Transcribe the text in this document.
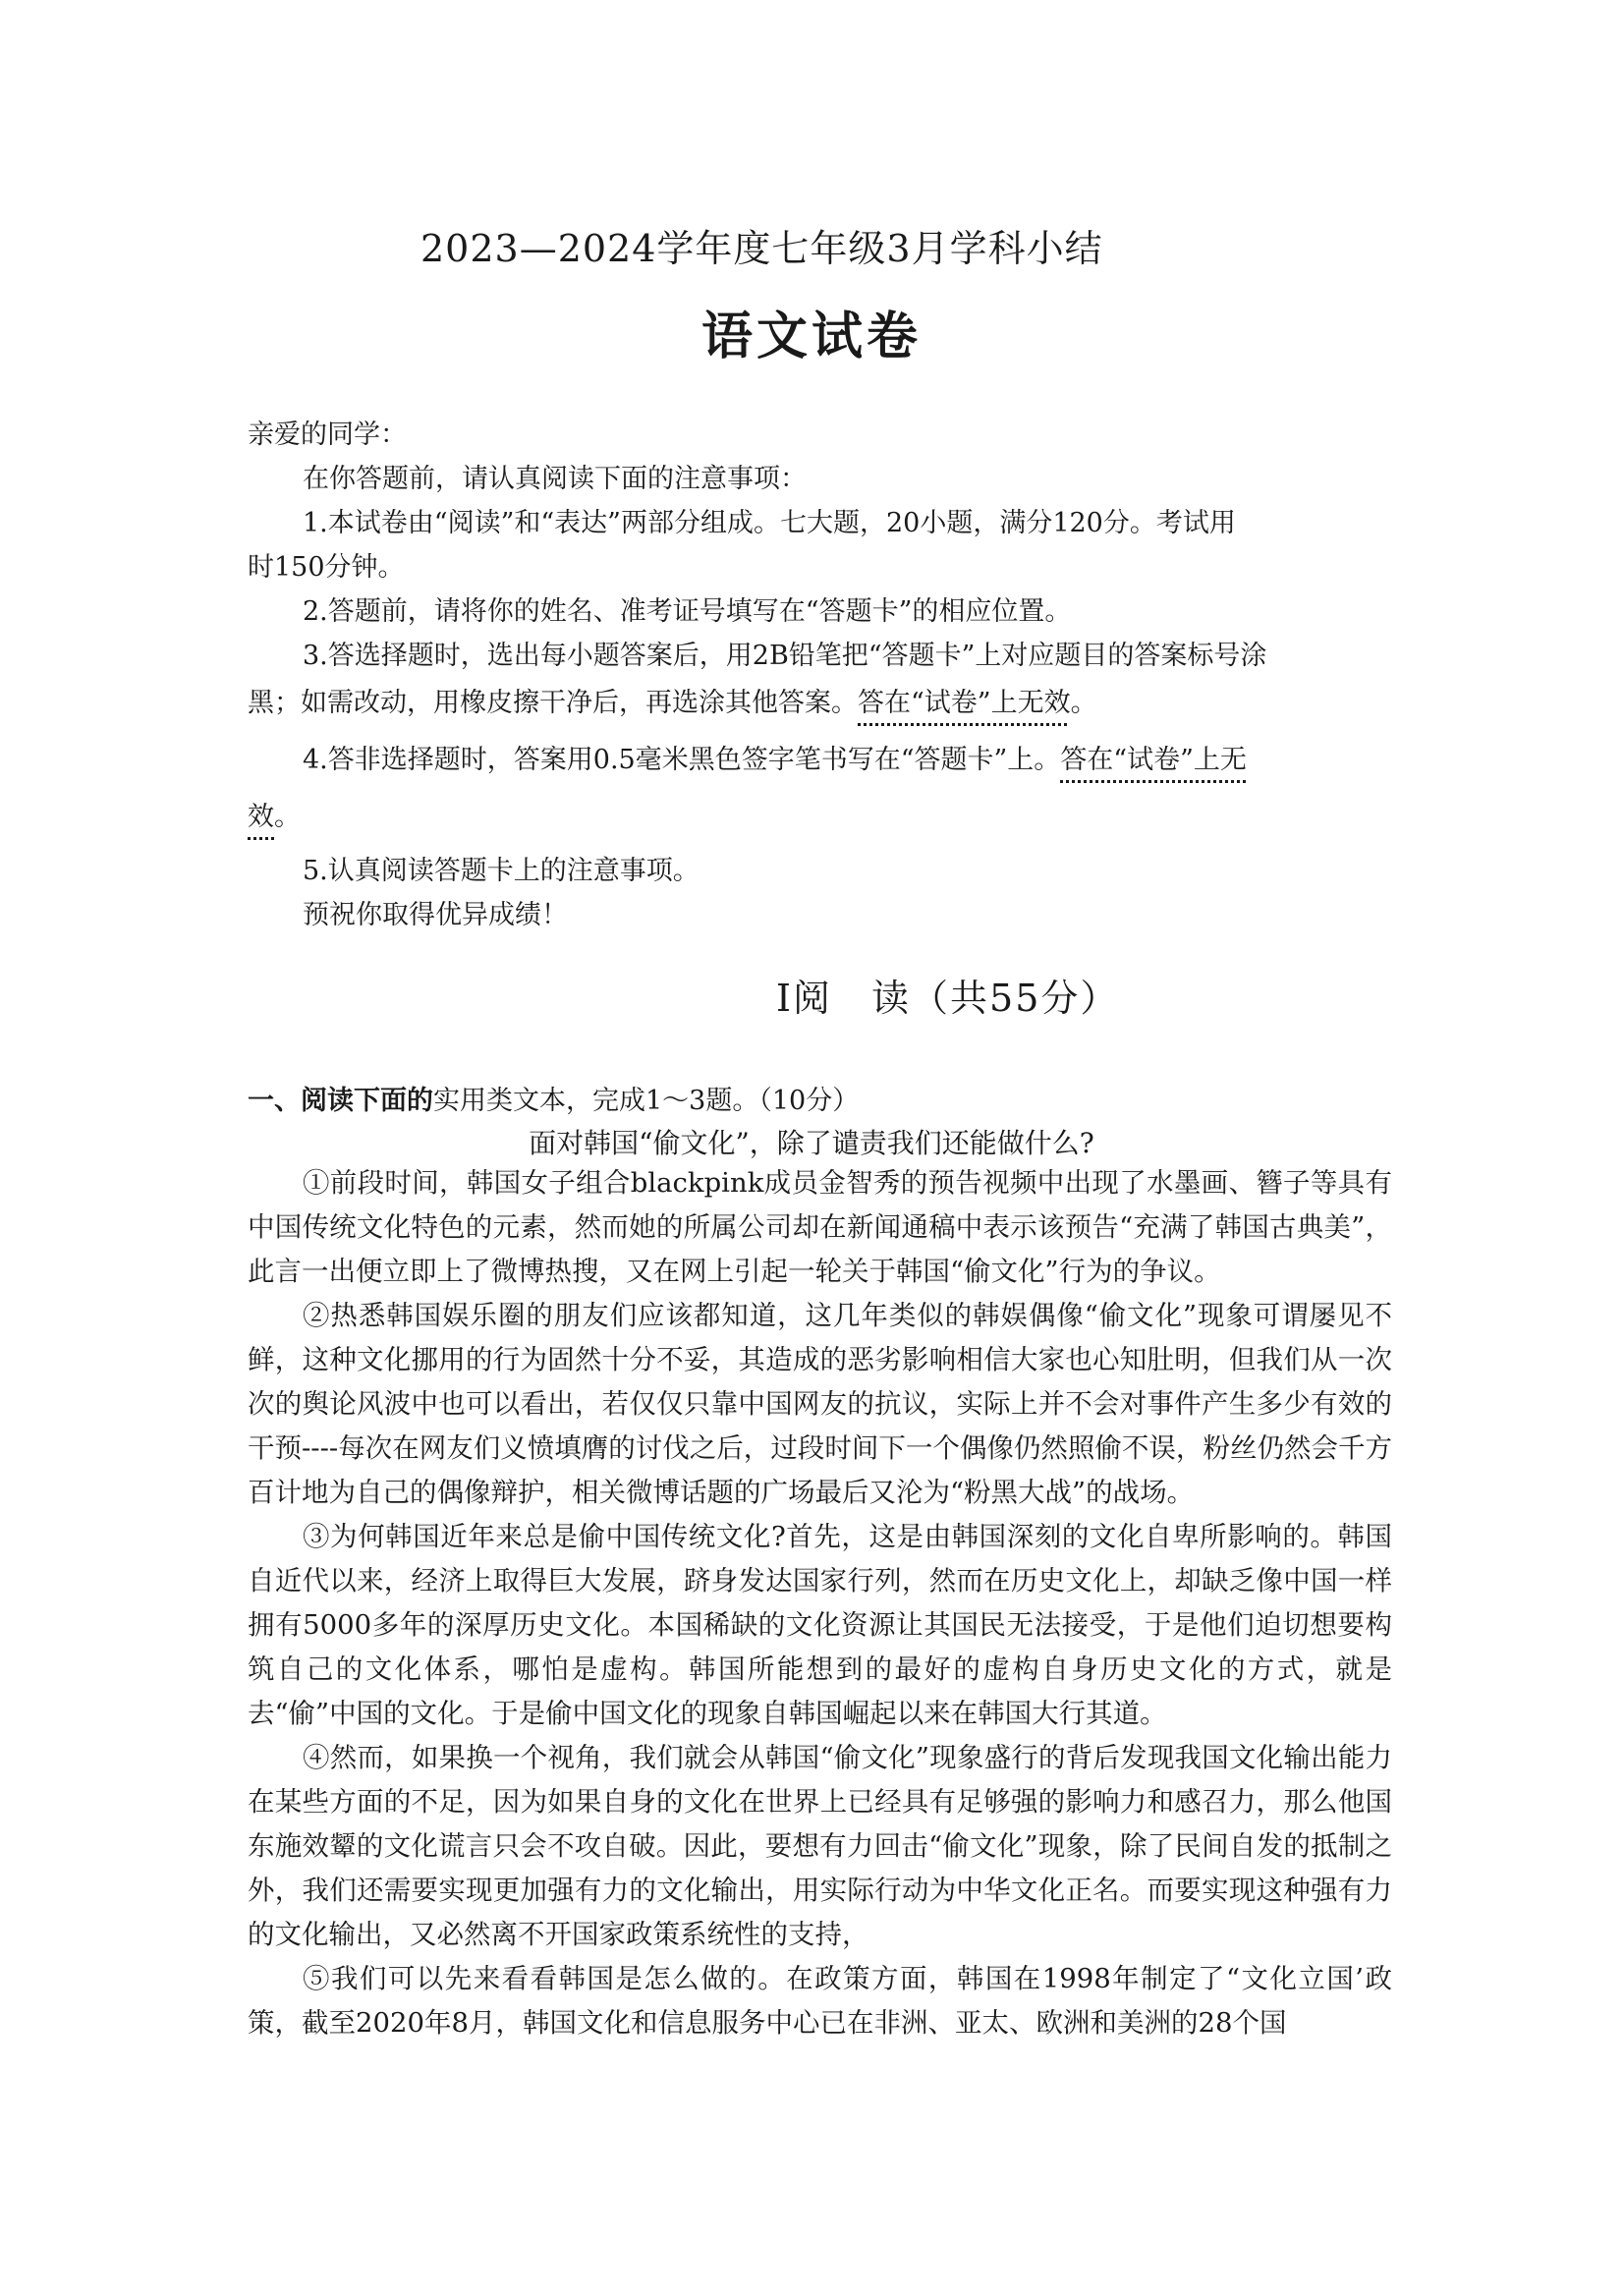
2023—2024学年度七年级3月学科小结
语文试卷
亲爱的同学：
在你答题前，请认真阅读下面的注意事项：
1.本试卷由“阅读”和“表达”两部分组成。七大题，20小题，满分120分。考试用
时150分钟。
2.答题前，请将你的姓名、准考证号填写在“答题卡”的相应位置。
3.答选择题时，选出每小题答案后，用2B铅笔把“答题卡”上对应题目的答案标号涂
黑；如需改动，用橡皮擦干净后，再选涂其他答案。答在“试卷”上无效。
4.答非选择题时，答案用0.5毫米黑色签字笔书写在“答题卡”上。答在“试卷”上无
效。
5.认真阅读答题卡上的注意事项。
预祝你取得优异成绩！
Ⅰ阅　读（共55分）
一、阅读下面的实用类文本，完成1～3题。（10分）
面对韩国“偷文化”，除了谴责我们还能做什么?

①前段时间，韩国女子组合blackpink成员金智秀的预告视频中出现了水墨画、簪子等具有中国传统文化特色的元素，然而她的所属公司却在新闻通稿中表示该预告“充满了韩国古典美”，此言一出便立即上了微博热搜，又在网上引起一轮关于韩国“偷文化”行为的争议。

②热悉韩国娱乐圈的朋友们应该都知道，这几年类似的韩娱偶像“偷文化”现象可谓屡见不鲜，这种文化挪用的行为固然十分不妥，其造成的恶劣影响相信大家也心知肚明，但我们从一次次的舆论风波中也可以看出，若仅仅只靠中国网友的抗议，实际上并不会对事件产生多少有效的干预----每次在网友们义愤填膺的讨伐之后，过段时间下一个偶像仍然照偷不误，粉丝仍然会千方百计地为自己的偶像辩护，相关微博话题的广场最后又沦为“粉黑大战”的战场。

③为何韩国近年来总是偷中国传统文化?首先，这是由韩国深刻的文化自卑所影响的。韩国自近代以来，经济上取得巨大发展，跻身发达国家行列，然而在历史文化上，却缺乏像中国一样拥有5000多年的深厚历史文化。本国稀缺的文化资源让其国民无法接受，于是他们迫切想要构筑自己的文化体系，哪怕是虚构。韩国所能想到的最好的虚构自身历史文化的方式，就是去“偷”中国的文化。于是偷中国文化的现象自韩国崛起以来在韩国大行其道。

④然而，如果换一个视角，我们就会从韩国“偷文化”现象盛行的背后发现我国文化输出能力在某些方面的不足，因为如果自身的文化在世界上已经具有足够强的影响力和感召力，那么他国东施效颦的文化谎言只会不攻自破。因此，要想有力回击“偷文化”现象，除了民间自发的抵制之外，我们还需要实现更加强有力的文化输出，用实际行动为中华文化正名。而要实现这种强有力的文化输出，又必然离不开国家政策系统性的支持，

⑤我们可以先来看看韩国是怎么做的。在政策方面，韩国在1998年制定了“文化立国’政策，截至2020年8月，韩国文化和信息服务中心已在非洲、亚太、欧洲和美洲的28个国
